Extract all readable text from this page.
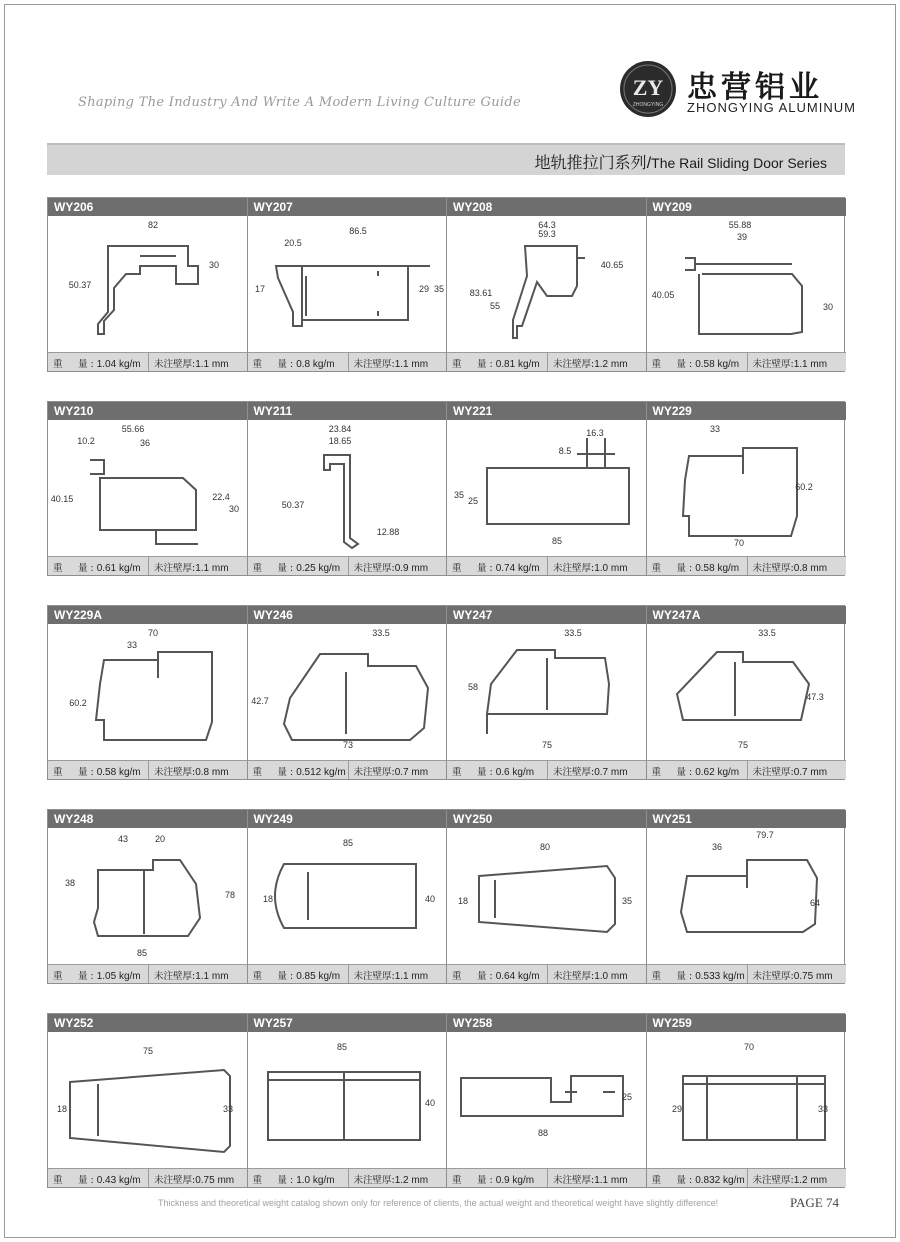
Shaping The Industry And Write A Modern Living Culture Guide
ZY
ZHONGYING 忠营铝业
ZHONGYING ALUMINUM
地轨推拉门系列/The Rail Sliding Door Series
WY206
82
30
50.37
重　量:1.04 kg/m	未注壁厚:1.1 mm
WY207
86.5
20.5
17	29 35
重　量:0.8 kg/m	未注壁厚:1.1 mm
WY208
64.3
59.3
40.65
83.61
55
重　量:0.81 kg/m	未注壁厚:1.2 mm
WY209
55.88
39
40.05
30
重　量:0.58 kg/m	未注壁厚:1.1 mm
WY210
55.66
10.2	36
40.15	22.4
30
重　量:0.61 kg/m	未注壁厚:1.1 mm
WY211
23.84
18.65
50.37
12.88
重　量:0.25 kg/m	未注壁厚:0.9 mm
WY221
16.3
8.5
35
25
85
重　量:0.74 kg/m	未注壁厚:1.0 mm
WY229
33
60.2
70
重　量:0.58 kg/m	未注壁厚:0.8 mm
WY229A
70
33
60.2
重　量:0.58 kg/m	未注壁厚:0.8 mm
WY246
33.5
42.7
73
重　量:0.512 kg/m 未注壁厚:0.7 mm
WY247
33.5
58
75
重　量:0.6 kg/m	未注壁厚:0.7 mm
WY247A
33.5
47.3
75
重　量:0.62 kg/m	未注壁厚:0.7 mm
WY248
43	20
38
78
85
重　量:1.05 kg/m	未注壁厚:1.1 mm
WY249
85
18	40
重　量:0.85 kg/m	未注壁厚:1.1 mm
WY250
80
18	35
重　量:0.64 kg/m	未注壁厚:1.0 mm
WY251
79.7
36
64
重　量:0.533 kg/m 未注壁厚:0.75 mm
WY252
75
18	33
重　量:0.43 kg/m	未注壁厚:0.75 mm
WY257
85
40
重　量:1.0 kg/m	未注壁厚:1.2 mm
WY258
25
88
重　量:0.9 kg/m	未注壁厚:1.1 mm
WY259
70
29	33
重　量:0.832 kg/m 未注壁厚:1.2 mm
Thickness and theoretical weight catalog shown only for reference of clients, the actual weight and theoretical weight have slightly difference!	PAGE 74
